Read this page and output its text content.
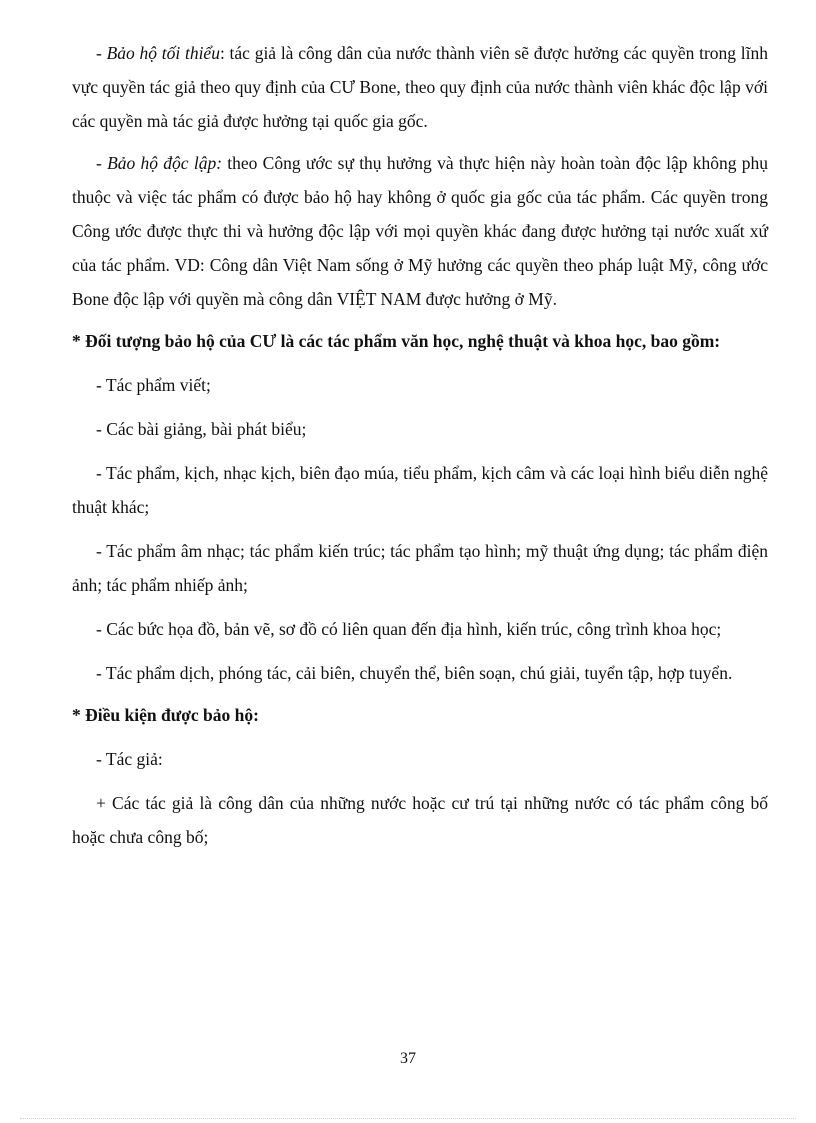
- Bảo hộ tối thiểu: tác giả là công dân của nước thành viên sẽ được hưởng các quyền trong lĩnh vực quyền tác giả theo quy định của CƯ Bone, theo quy định của nước thành viên khác độc lập với các quyền mà tác giả được hưởng tại quốc gia gốc.

- Bảo hộ độc lập: theo Công ước sự thụ hưởng và thực hiện này hoàn toàn độc lập không phụ thuộc và việc tác phẩm có được bảo hộ hay không ở quốc gia gốc của tác phẩm. Các quyền trong Công ước được thực thi và hưởng độc lập với mọi quyền khác đang được hưởng tại nước xuất xứ của tác phẩm. VD: Công dân Việt Nam sống ở Mỹ hưởng các quyền theo pháp luật Mỹ, công ước Bone độc lập với quyền mà công dân VIỆT NAM được hưởng ở Mỹ.

* Đối tượng bảo hộ của CƯ là các tác phẩm văn học, nghệ thuật và khoa học, bao gồm:

- Tác phẩm viết;

- Các bài giảng, bài phát biểu;

- Tác phẩm, kịch, nhạc kịch, biên đạo múa, tiểu phẩm, kịch câm và các loại hình biểu diễn nghệ thuật khác;

- Tác phẩm âm nhạc; tác phẩm kiến trúc; tác phẩm tạo hình; mỹ thuật ứng dụng; tác phẩm điện ảnh; tác phẩm nhiếp ảnh;

- Các bức họa đồ, bản vẽ, sơ đồ có liên quan đến địa hình, kiến trúc, công trình khoa học;

- Tác phẩm dịch, phóng tác, cải biên, chuyển thể, biên soạn, chú giải, tuyển tập, hợp tuyển.

* Điều kiện được bảo hộ:

- Tác giả:

+ Các tác giả là công dân của những nước hoặc cư trú tại những nước có tác phẩm công bố hoặc chưa công bố;

37
